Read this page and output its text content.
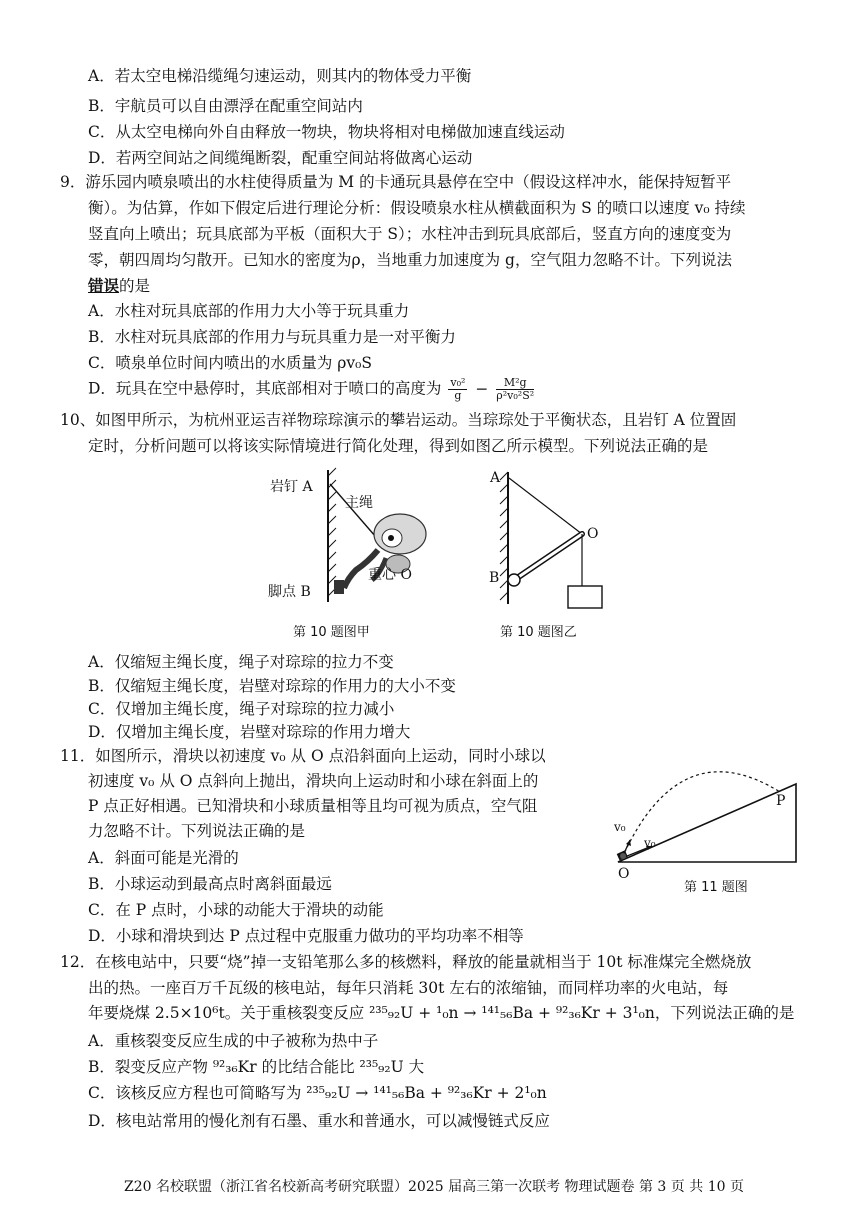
A．若太空电梯沿缆绳匀速运动，则其内的物体受力平衡
B．宇航员可以自由漂浮在配重空间站内
C．从太空电梯向外自由释放一物块，物块将相对电梯做加速直线运动
D．若两空间站之间缆绳断裂，配重空间站将做离心运动
9．游乐园内喷泉喷出的水柱使得质量为 M 的卡通玩具悬停在空中（假设这样冲水，能保持短暂平
衡）。为估算，作如下假定后进行理论分析：假设喷泉水柱从横截面积为 S 的喷口以速度 v₀ 持续
竖直向上喷出；玩具底部为平板（面积大于 S）；水柱冲击到玩具底部后，竖直方向的速度变为
零，朝四周均匀散开。已知水的密度为ρ，当地重力加速度为 g，空气阻力忽略不计。下列说法
错误的是
A．水柱对玩具底部的作用力大小等于玩具重力
B．水柱对玩具底部的作用力与玩具重力是一对平衡力
C．喷泉单位时间内喷出的水质量为 ρv₀S
D．玩具在空中悬停时，其底部相对于喷口的高度为 $\frac{\text{v₀²}}{g} - \frac{\text{M²g}}{\text{ρ²v₀²S²}}$
10、如图甲所示，为杭州亚运吉祥物琮琮演示的攀岩运动。当琮琮处于平衡状态，且岩钉 A 位置固
定时，分析问题可以将该实际情境进行简化处理，得到如图乙所示模型。下列说法正确的是
岩钉 A
主绳
重心 O
脚点 B
第 10 题图甲
A
O
B
第 10 题图乙
A．仅缩短主绳长度，绳子对琮琮的拉力不变
B．仅缩短主绳长度，岩壁对琮琮的作用力的大小不变
C．仅增加主绳长度，绳子对琮琮的拉力减小
D．仅增加主绳长度，岩壁对琮琮的作用力增大
11．如图所示，滑块以初速度 v₀ 从 O 点沿斜面向上运动，同时小球以
初速度 v₀ 从 O 点斜向上抛出，滑块向上运动时和小球在斜面上的
P 点正好相遇。已知滑块和小球质量相等且均可视为质点，空气阻
力忽略不计。下列说法正确的是
A．斜面可能是光滑的
B．小球运动到最高点时离斜面最远
C．在 P 点时，小球的动能大于滑块的动能
D．小球和滑块到达 P 点过程中克服重力做功的平均功率不相等
P
v₀
v₀
O
第 11 题图
12．在核电站中，只要“烧”掉一支铅笔那么多的核燃料，释放的能量就相当于 10t 标准煤完全燃烧放
出的热。一座百万千瓦级的核电站，每年只消耗 30t 左右的浓缩铀，而同样功率的火电站，每
年要烧煤 2.5×10⁶t。关于重核裂变反应 ²³⁵₉₂U + ¹₀n → ¹⁴¹₅₆Ba + ⁹²₃₆Kr + 3¹₀n，下列说法正确的是
A．重核裂变反应生成的中子被称为热中子
B．裂变反应产物 ⁹²₃₆Kr 的比结合能比 ²³⁵₉₂U 大
C．该核反应方程也可简略写为 ²³⁵₉₂U → ¹⁴¹₅₆Ba + ⁹²₃₆Kr + 2¹₀n
D．核电站常用的慢化剂有石墨、重水和普通水，可以减慢链式反应
Z20 名校联盟（浙江省名校新高考研究联盟）2025 届高三第一次联考 物理试题卷 第 3 页 共 10 页
